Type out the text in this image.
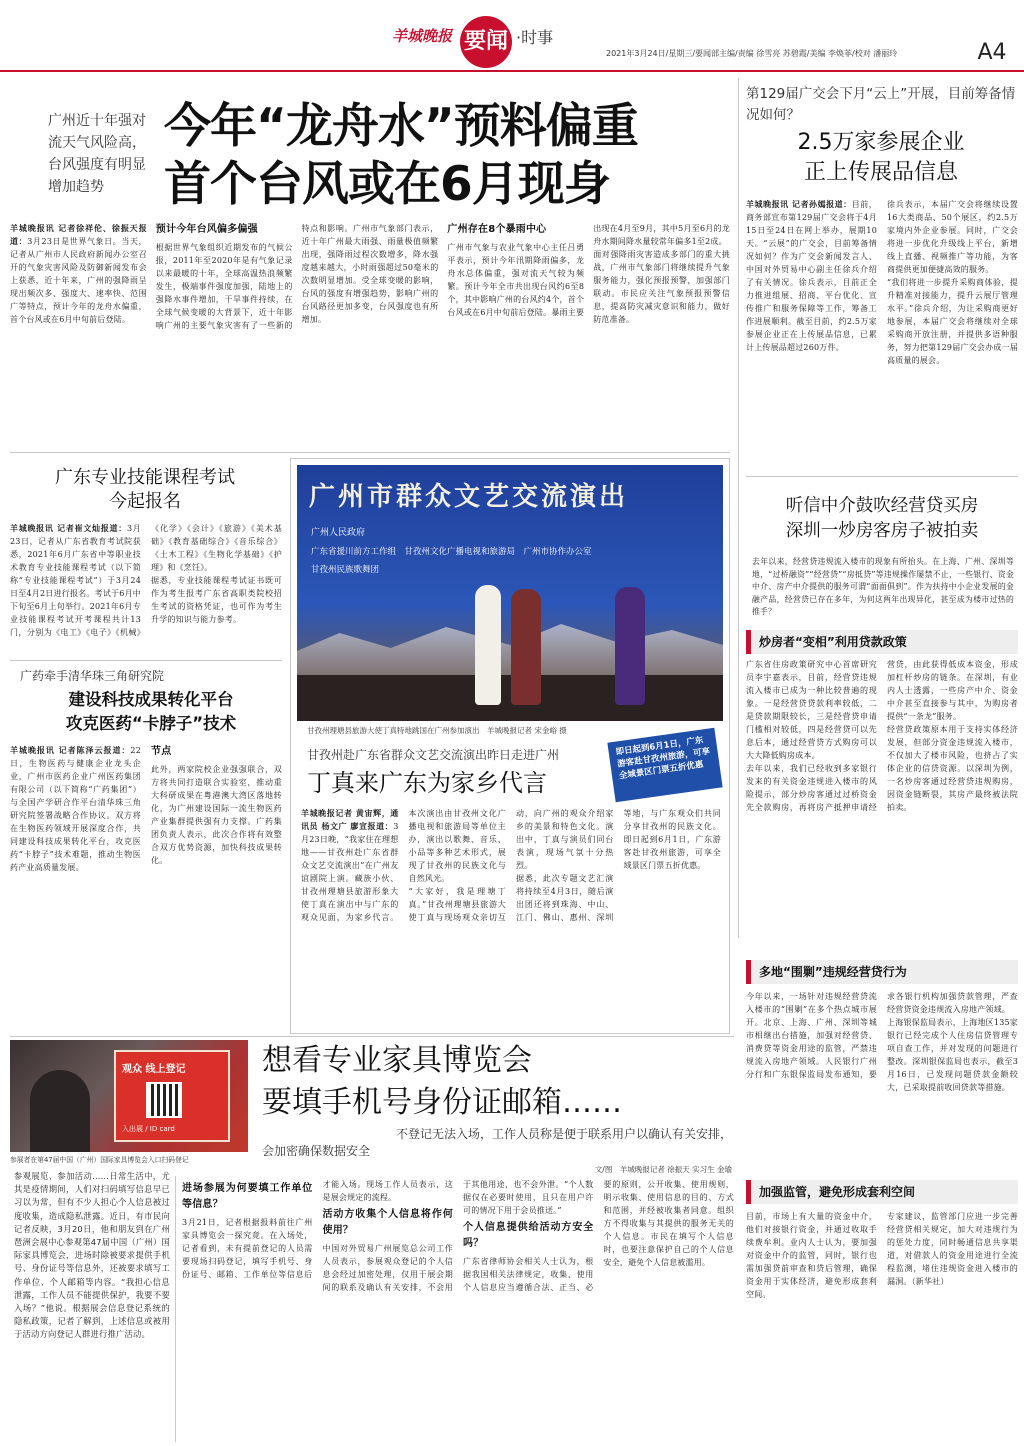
羊城晚报 要闻 ·时事
2021年3月24日/星期三/要闻部主编/责编 徐雪亮 苏碧霞/美编 李焕菲/校对 潘丽玲	A4
广州近十年强对流天气风险高，台风强度有明显增加趋势
今年“龙舟水”预料偏重
首个台风或在6月现身
羊城晚报讯 记者徐祥伦、徐振天报道：3月23日是世界气象日。当天，记者从广州市人民政府新闻办公室召开的气象灾害风险及防御新闻发布会上获悉，近十年来，广州的强降雨呈现出频次多、强度大、速率快、范围广等特点，预计今年的龙舟水偏重，首个台风或在6月中旬前后登陆。
预计今年台风偏多偏强
根据世界气象组织近期发布的气候公报，2011年至2020年是有气象记录以来最暖的十年，全球高温热浪频繁发生，极端事件强度加强，陆地上的强降水事件增加，干旱事件持续，在全球气候变暖的大背景下，近十年影响广州的主要气象灾害有了一些新的特点和影响。广州市气象部门表示，近十年广州最大雨强、雨量极值频繁出现，强降雨过程次数增多，降水强度越来越大，小时雨强超过50毫米的次数明显增加。受全球变暖的影响，台风的强度有增强趋势，影响广州的台风路径更加多变，台风强度也有所增加。
广州存在8个暴雨中心
广州市气象与农业气象中心主任吕勇平表示，预计今年汛期降雨偏多，龙舟水总体偏重，强对流天气较为频繁。预计今年全市共出现台风约6至8个，其中影响广州的台风约4个，首个台风或在6月中旬前后登陆。暴雨主要出现在4月至9月，其中5月至6月的龙舟水期间降水量较常年偏多1至2成。
面对强降雨灾害造成多部门的重大挑战，广州市气象部门将继续提升气象服务能力，强化预报预警，加强部门联动。市民应关注气象预报预警信息，提高防灾减灾意识和能力，做好防范准备。
第129届广交会下月“云上”开展，目前筹备情况如何？
2.5万家参展企业
正上传展品信息
羊城晚报讯 记者孙嫣报道：目前，商务部宣布第129届广交会将于4月15日至24日在网上举办，展期10天。“云展”的广交会，目前筹备情况如何？作为广交会新闻发言人、中国对外贸易中心副主任徐兵介绍了有关情况。徐兵表示，目前正全力推进组展、招商、平台优化、宣传推广和服务保障等工作，筹备工作进展顺利。截至目前，约2.5万家参展企业正在上传展品信息，已累计上传展品超过260万件。
徐兵表示，本届广交会将继续设置16大类商品、50个展区，约2.5万家境内外企业参展。同时，广交会将进一步优化升级线上平台，新增线上直播、视频推广等功能，为客商提供更加便捷高效的服务。
“我们将进一步提升采购商体验，提升精准对接能力，提升云展厅管理水平。”徐兵介绍，为让采购商更好地参展，本届广交会将继续对全球采购商开放注册，并提供多语种服务，努力把第129届广交会办成一届高质量的展会。
广东专业技能课程考试
今起报名
羊城晚报讯 记者崔文灿报道：3月23日，记者从广东省教育考试院获悉，2021年6月广东省中等职业技术教育专业技能课程考试（以下简称“专业技能课程考试”）于3月24日至4月2日进行报名。考试于6月中下旬至6月上旬举行。2021年6月专业技能课程考试开考课程共计13门，分别为《电工》《电子》《机械》《化学》《会计》《旅游》《美术基础》《教育基础综合》《音乐综合》《土木工程》《生物化学基础》《护理》和《烹饪》。
据悉，专业技能课程考试证书既可作为考生报考广东省高职类院校招生考试的资格凭证，也可作为考生升学的知识与能力参考。
广药牵手清华珠三角研究院
建设科技成果转化平台
攻克医药“卡脖子”技术
羊城晚报讯 记者陈泽云报道：22日，生物医药与健康企业龙头企业，广州市医药企业广州医药集团有限公司（以下简称“广药集团”）与全国产学研合作平台清华珠三角研究院签署战略合作协议。双方将在生物医药领域开展深度合作，共同建设科技成果转化平台，攻克医药“卡脖子”技术难题，推动生物医药产业高质量发展。
节点
此外，两家院校企业强强联合，双方将共同打造联合实验室，推动重大科研成果在粤港澳大湾区落地转化，为广州建设国际一流生物医药产业集群提供强有力支撑。广药集团负责人表示，此次合作将有效整合双方优势资源，加快科技成果转化。
广州市群众文艺交流演出
广州人民政府
广东省援川前方工作组　甘孜州文化广播电视和旅游局　广州市协作办公室
甘孜州民族歌舞团
甘孜州理塘县旅游大使丁真特地跳国在广州参加演出　羊城晚报记者 宋金峪 摄
即日起到6月1日，广东游客赴甘孜州旅游，可享全域景区门票五折优惠
甘孜州赴广东省群众文艺交流演出昨日走进广州
丁真来广东为家乡代言
羊城晚报记者 黄宙辉，通讯员 杨文广 廖宣报道：3月23日晚，“我家住在理想地——甘孜州赴广东省群众文艺交流演出”在广州友谊剧院上演。藏族小伙、甘孜州理塘县旅游形象大使丁真在演出中与广东的观众见面，为家乡代言。本次演出由甘孜州文化广播电视和旅游局等单位主办，演出以歌舞、音乐、小品等多种艺术形式，展现了甘孜州的民族文化与自然风光。
“大家好，我是理塘丁真。”甘孜州理塘县旅游大使丁真与现场观众亲切互动，向广州的观众介绍家乡的美景和特色文化。演出中，丁真与演员们同台表演，现场气氛十分热烈。
据悉，此次专题文艺汇演将持续至4月3日，随后演出团还将到珠海、中山、江门、佛山、惠州、深圳等地，与广东观众们共同分享甘孜州的民族文化。即日起到6月1日，广东游客赴甘孜州旅游，可享全域景区门票五折优惠。
听信中介鼓吹经营贷买房
深圳一炒房客房子被拍卖
去年以来，经营贷违规流入楼市的现象有所抬头。在上海、广州、深圳等地，“过桥融资”“经营贷”“房抵贷”等违规操作屡禁不止，一些银行、资金中介、房产中介提供的服务可谓“面面俱到”。作为扶持中小企业发展的金融产品，经营贷已存在多年，为何这两年出现异化，甚至成为楼市过热的推手？
炒房者“变相”利用贷款政策
广东省住房政策研究中心首席研究员李宇嘉表示，目前，经营贷违规流入楼市已成为一种比较普遍的现象。一是经营贷贷款利率较低，二是贷款期限较长，三是经营贷申请门槛相对较低，四是经营贷可以先息后本，通过经营贷方式购房可以大大降低购房成本。
去年以来，我们已经收到多家银行发来的有关资金违规进入楼市的风险提示，部分炒房客通过过桥资金先全款购房，再将房产抵押申请经营贷，由此获得低成本资金，形成加杠杆炒房的链条。在深圳，有业内人士透露，一些房产中介、资金中介甚至直接参与其中，为购房者提供“一条龙”服务。
经营贷政策原本用于支持实体经济发展，但部分资金违规流入楼市，不仅加大了楼市风险，也挤占了实体企业的信贷资源。以深圳为例，一名炒房客通过经营贷违规购房，因资金链断裂，其房产最终被法院拍卖。
多地“围剿”违规经营贷行为
今年以来，一场针对违规经营贷流入楼市的“围剿”在多个热点城市展开。北京、上海、广州、深圳等城市相继出台措施，加强对经营贷、消费贷等资金用途的监管，严禁违规流入房地产领域。人民银行广州分行和广东银保监局发布通知，要求各银行机构加强贷款管理，严查经营贷资金违规流入房地产领域。
上海银保监局表示，上海地区135家银行已经完成个人住房信贷管理专项自查工作，并对发现的问题进行整改。深圳银保监局也表示，截至3月16日，已发现问题贷款金额较大，已采取提前收回贷款等措施。
加强监管，避免形成套利空间
目前，市场上有大量的资金中介，他们对接银行资金，并通过收取手续费牟利。业内人士认为，要加强对资金中介的监管，同时，银行也需加强贷前审查和贷后管理，确保资金用于实体经济，避免形成套利空间。
专家建议，监管部门应进一步完善经营贷相关规定，加大对违规行为的惩处力度，同时畅通信息共享渠道，对借款人的资金用途进行全流程监测，堵住违规资金进入楼市的漏洞。（新华社）
观众 线上登记
入出展 / ID card
参展者在第47届中国（广州）国际家具博览会入口扫码登记
想看专业家具博览会
要填手机号身份证邮箱……
不登记无法入场，工作人员称是便于联系用户以确认有关安排，
会加密确保数据安全
文/图　羊城晚报记者 徐振天 实习生 金瑜
参观展览、参加活动……日常生活中，尤其是疫情期间，人们对扫码填写信息早已习以为常，但有不少人担心个人信息被过度收集，造成隐私泄露。近日，有市民向记者反映，3月20日，他和朋友到在广州琶洲会展中心参观第47届中国（广州）国际家具博览会，进场时除被要求提供手机号、身份证号等信息外，还被要求填写工作单位、个人邮箱等内容。“我担心信息泄露，工作人员不能提供保护，我要不要入场？”他说。根据展会信息登记系统的隐私政策，记者了解到，上述信息或被用于活动方向登记人群进行推广活动。
进场参展为何要填工作单位等信息？
3月21日，记者根据报料前往广州家具博览会一探究竟。在入场处，记者看到，未有提前登记的人员需要现场扫码登记，填写手机号、身份证号、邮箱、工作单位等信息后才能入场。现场工作人员表示，这是展会规定的流程。
活动方收集个人信息将作何使用？
中国对外贸易广州展览总公司工作人员表示，参展观众登记的个人信息会经过加密处理，仅用于展会期间的联系及确认有关安排，不会用于其他用途，也不会外泄。“个人数据仅在必要时使用，且只在用户许可的情况下用于会员推送。”
个人信息提供给活动方安全吗？
广东省律师协会相关人士认为，根据我国相关法律规定，收集、使用个人信息应当遵循合法、正当、必要的原则，公开收集、使用规则，明示收集、使用信息的目的、方式和范围，并经被收集者同意。组织方不得收集与其提供的服务无关的个人信息。市民在填写个人信息时，也要注意保护自己的个人信息安全，避免个人信息被滥用。
